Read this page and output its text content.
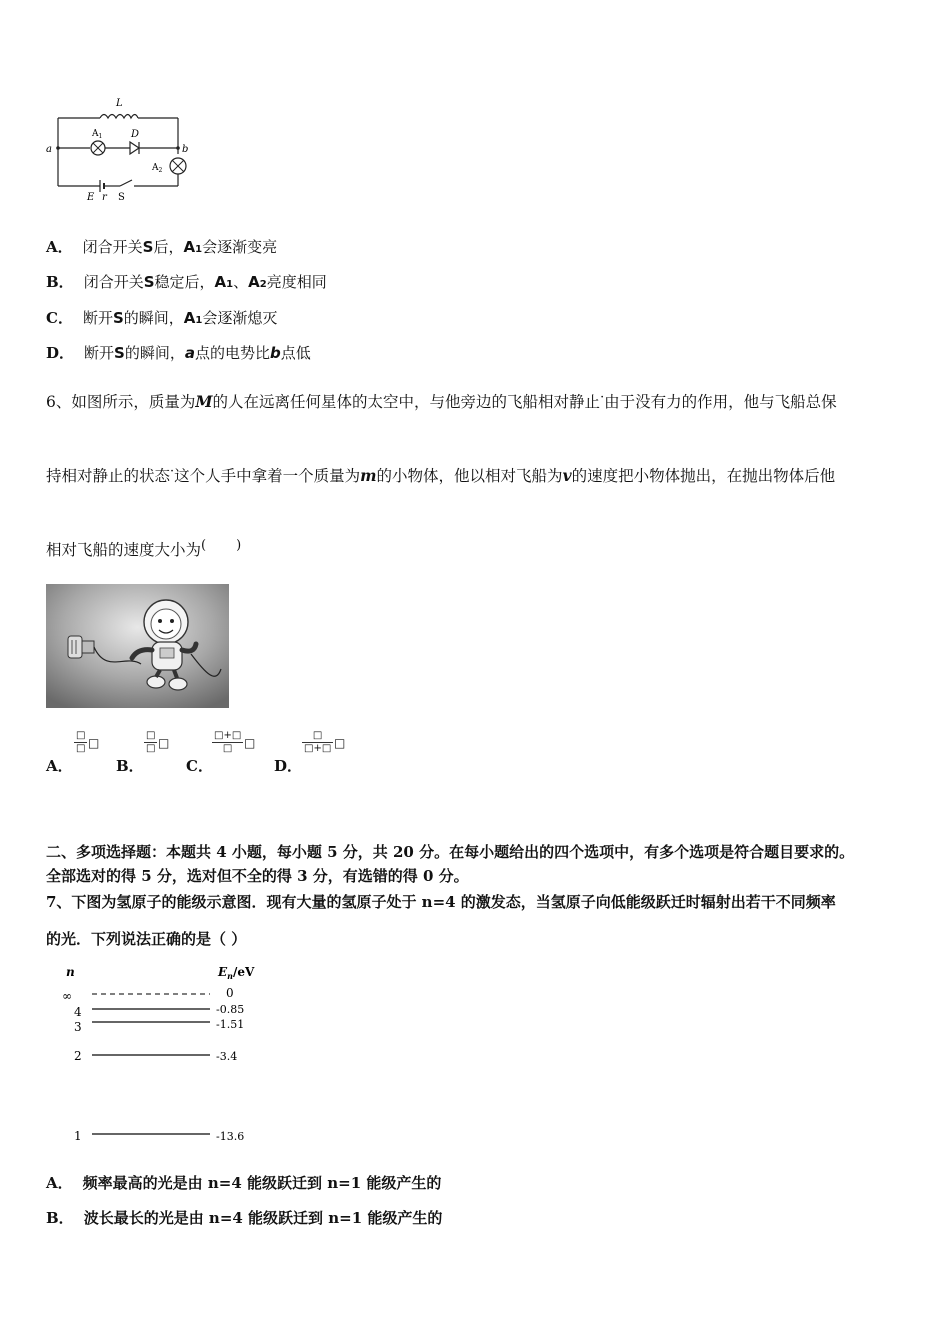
L
$A_1$	D
a	b
$A_2$
E r S
A． 闭合开关S后，A1会逐渐变亮
B． 闭合开关S稳定后，A1、A2亮度相同
C． 断开S的瞬间，A1会逐渐熄灭
D． 断开S的瞬间，a点的电势比b点低
6、如图所示，质量为M的人在远离任何星体的太空中，与他旁边的飞船相对静止·由于没有力的作用，他与飞船总保
持相对静止的状态·这个人手中拿着一个质量为m的小物体，他以相对飞船为v的速度把小物体抛出，在抛出物体后他
相对飞船的速度大小为( )
A．
□
□ □
B．
□
□ □
C．
□+□
□ □
D．
□
□+□ □
二、多项选择题：本题共 4 小题，每小题 5 分，共 20 分。在每小题给出的四个选项中，有多个选项是符合题目要求的。
全部选对的得 5 分，选对但不全的得 3 分，有选错的得 0 分。
7、下图为氢原子的能级示意图．现有大量的氢原子处于 n=4 的激发态，当氢原子向低能级跃迁时辐射出若干不同频率
的光．下列说法正确的是（ ）
n	$E_n/eV$
∞	0
4	-0.85
3	-1.51
2	-3.4
1	-13.6
A． 频率最高的光是由 n=4 能级跃迁到 n=1 能级产生的
B． 波长最长的光是由 n=4 能级跃迁到 n=1 能级产生的
